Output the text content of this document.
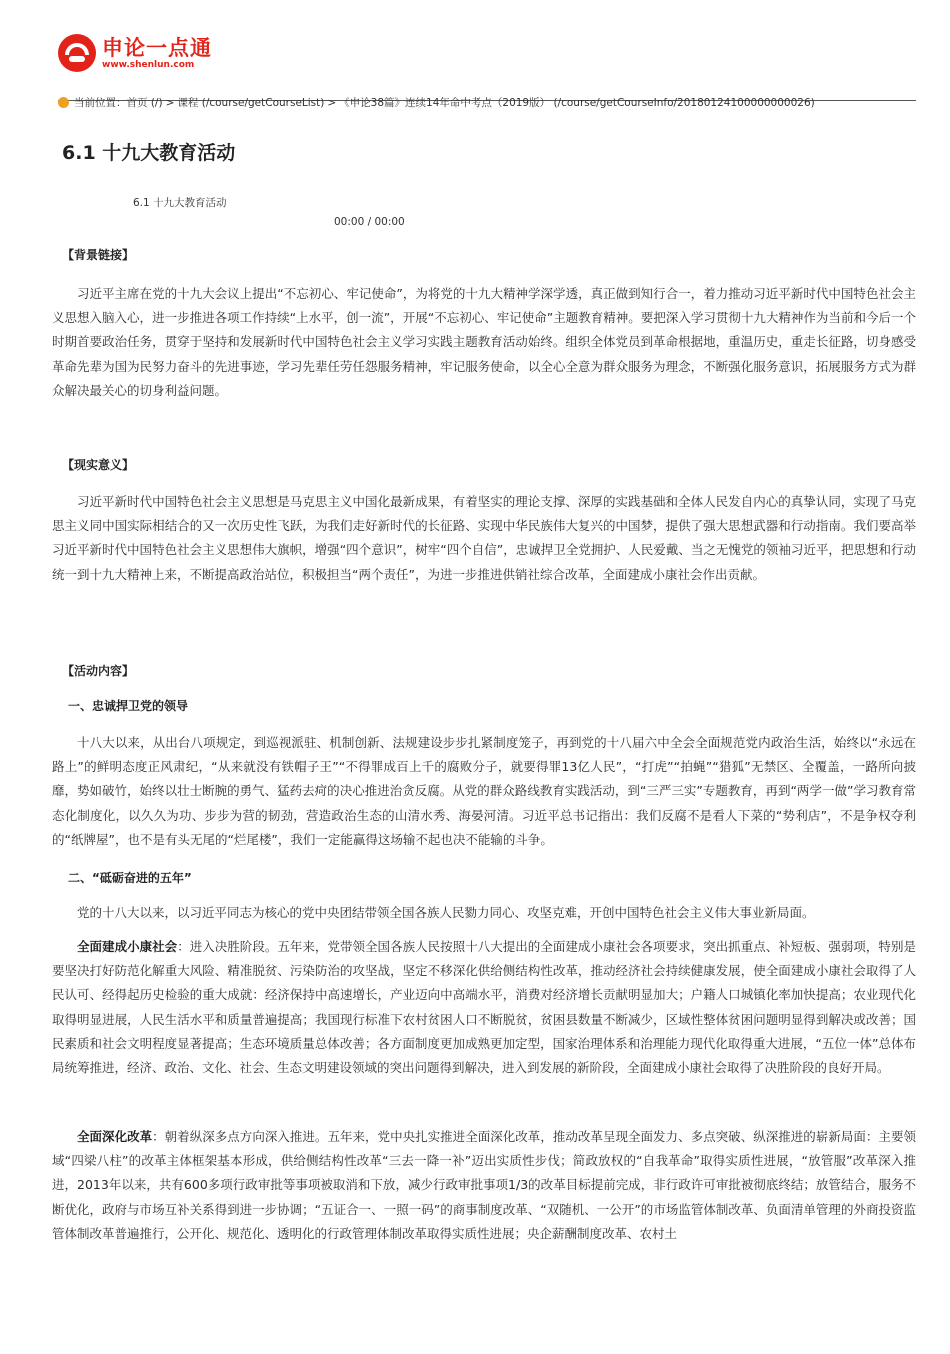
申论一点通
www.shenlun.com
当前位置： 首页 (/) > 课程 (/course/getCourseList) > 《申论38篇》连续14年命中考点（2019版） (/course/getCourseInfo/20180124100000000026)
6.1 十九大教育活动
6.1 十九大教育活动
00:00 / 00:00
【背景链接】

习近平主席在党的十九大会议上提出“不忘初心、牢记使命”，为将党的十九大精神学深学透，真正做到知行合一，着力推动习近平新时代中国特色社会主义思想入脑入心，进一步推进各项工作持续“上水平，创一流”，开展“不忘初心、牢记使命”主题教育精神。要把深入学习贯彻十九大精神作为当前和今后一个时期首要政治任务，贯穿于坚持和发展新时代中国特色社会主义学习实践主题教育活动始终。组织全体党员到革命根据地，重温历史，重走长征路，切身感受革命先辈为国为民努力奋斗的先进事迹，学习先辈任劳任怨服务精神，牢记服务使命，以全心全意为群众服务为理念，不断强化服务意识，拓展服务方式为群众解决最关心的切身利益问题。

【现实意义】

习近平新时代中国特色社会主义思想是马克思主义中国化最新成果，有着坚实的理论支撑、深厚的实践基础和全体人民发自内心的真挚认同，实现了马克思主义同中国实际相结合的又一次历史性飞跃，为我们走好新时代的长征路、实现中华民族伟大复兴的中国梦，提供了强大思想武器和行动指南。我们要高举习近平新时代中国特色社会主义思想伟大旗帜，增强“四个意识”，树牢“四个自信”，忠诚捍卫全党拥护、人民爱戴、当之无愧党的领袖习近平，把思想和行动统一到十九大精神上来，不断提高政治站位，积极担当“两个责任”，为进一步推进供销社综合改革，全面建成小康社会作出贡献。

【活动内容】
一、忠诚捍卫党的领导

十八大以来，从出台八项规定，到巡视派驻、机制创新、法规建设步步扎紧制度笼子，再到党的十八届六中全会全面规范党内政治生活，始终以“永远在路上”的鲜明态度正风肃纪，“从来就没有铁帽子王”“不得罪成百上千的腐败分子，就要得罪13亿人民”，“打虎”“拍蝇”“猎狐”无禁区、全覆盖，一路所向披靡，势如破竹，始终以壮士断腕的勇气、猛药去疴的决心推进治贪反腐。从党的群众路线教育实践活动，到“三严三实”专题教育，再到“两学一做”学习教育常态化制度化，以久久为功、步步为营的韧劲，营造政治生态的山清水秀、海晏河清。习近平总书记指出：我们反腐不是看人下菜的“势利店”，不是争权夺利的“纸牌屋”，也不是有头无尾的“烂尾楼”，我们一定能赢得这场输不起也决不能输的斗争。

二、“砥砺奋进的五年”

党的十八大以来，以习近平同志为核心的党中央团结带领全国各族人民勠力同心、攻坚克难，开创中国特色社会主义伟大事业新局面。

全面建成小康社会：进入决胜阶段。五年来，党带领全国各族人民按照十八大提出的全面建成小康社会各项要求，突出抓重点、补短板、强弱项，特别是要坚决打好防范化解重大风险、精准脱贫、污染防治的攻坚战，坚定不移深化供给侧结构性改革，推动经济社会持续健康发展，使全面建成小康社会取得了人民认可、经得起历史检验的重大成就：经济保持中高速增长，产业迈向中高端水平，消费对经济增长贡献明显加大；户籍人口城镇化率加快提高；农业现代化取得明显进展，人民生活水平和质量普遍提高；我国现行标准下农村贫困人口不断脱贫，贫困县数量不断减少，区域性整体贫困问题明显得到解决或改善；国民素质和社会文明程度显著提高；生态环境质量总体改善；各方面制度更加成熟更加定型，国家治理体系和治理能力现代化取得重大进展，“五位一体”总体布局统筹推进，经济、政治、文化、社会、生态文明建设领域的突出问题得到解决，进入到发展的新阶段，全面建成小康社会取得了决胜阶段的良好开局。

全面深化改革：朝着纵深多点方向深入推进。五年来，党中央扎实推进全面深化改革，推动改革呈现全面发力、多点突破、纵深推进的崭新局面：主要领域“四梁八柱”的改革主体框架基本形成，供给侧结构性改革“三去一降一补”迈出实质性步伐；简政放权的“自我革命”取得实质性进展，“放管服”改革深入推进，2013年以来，共有600多项行政审批等事项被取消和下放，减少行政审批事项1/3的改革目标提前完成，非行政许可审批被彻底终结；放管结合，服务不断优化，政府与市场互补关系得到进一步协调；“五证合一、一照一码”的商事制度改革、“双随机、一公开”的市场监管体制改革、负面清单管理的外商投资监管体制改革普遍推行，公开化、规范化、透明化的行政管理体制改革取得实质性进展；央企薪酬制度改革、农村土
